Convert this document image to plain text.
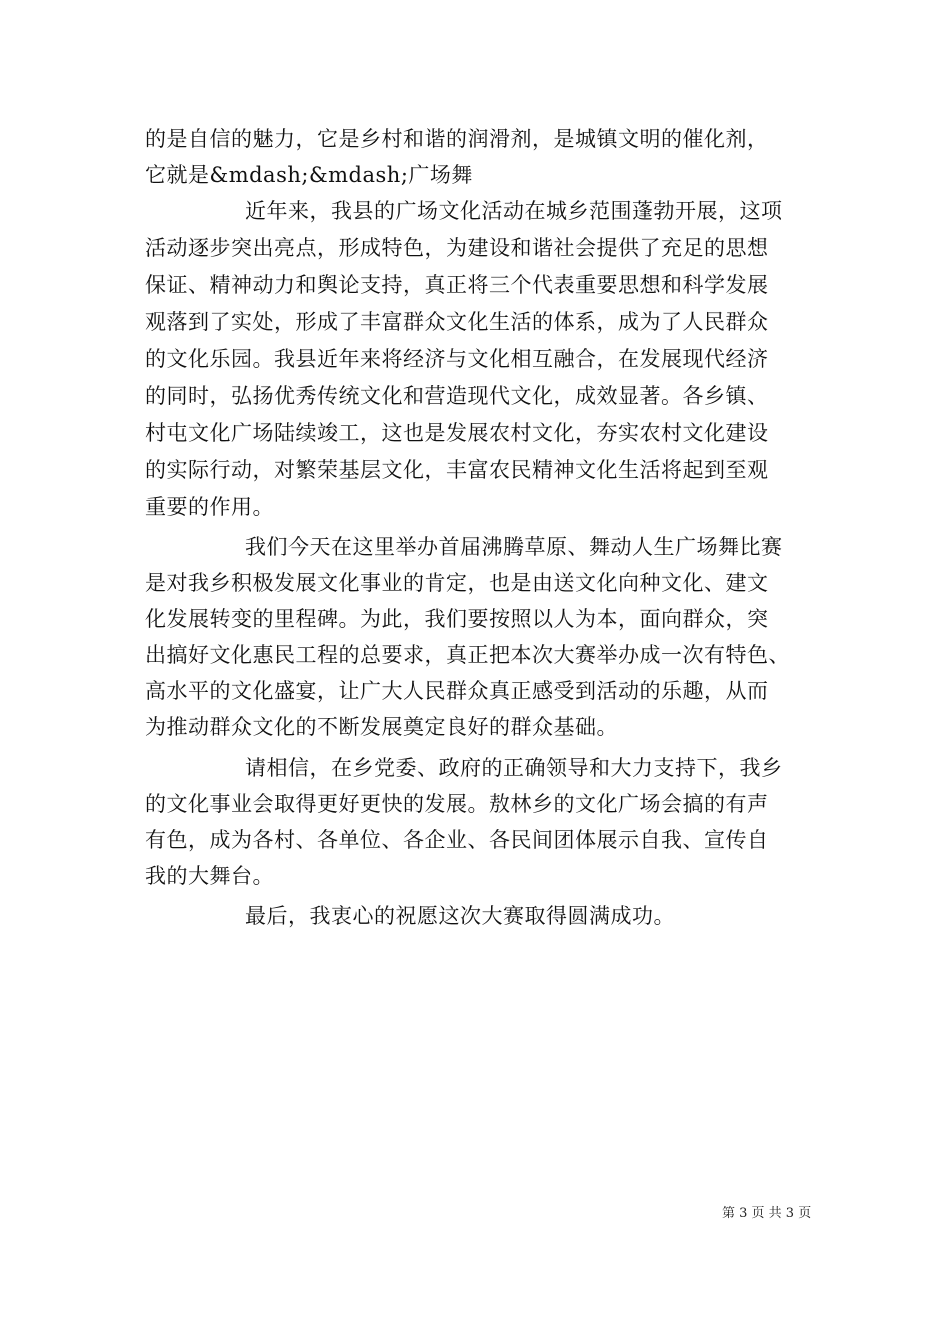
的是自信的魅力，它是乡村和谐的润滑剂，是城镇文明的催化剂，
它就是&mdash;&mdash;广场舞
近年来，我县的广场文化活动在城乡范围蓬勃开展，这项
活动逐步突出亮点，形成特色，为建设和谐社会提供了充足的思想
保证、精神动力和舆论支持，真正将三个代表重要思想和科学发展
观落到了实处，形成了丰富群众文化生活的体系，成为了人民群众
的文化乐园。我县近年来将经济与文化相互融合，在发展现代经济
的同时，弘扬优秀传统文化和营造现代文化，成效显著。各乡镇、
村屯文化广场陆续竣工，这也是发展农村文化，夯实农村文化建设
的实际行动，对繁荣基层文化，丰富农民精神文化生活将起到至观
重要的作用。
我们今天在这里举办首届沸腾草原、舞动人生广场舞比赛
是对我乡积极发展文化事业的肯定，也是由送文化向种文化、建文
化发展转变的里程碑。为此，我们要按照以人为本，面向群众，突
出搞好文化惠民工程的总要求，真正把本次大赛举办成一次有特色、
高水平的文化盛宴，让广大人民群众真正感受到活动的乐趣，从而
为推动群众文化的不断发展奠定良好的群众基础。
请相信，在乡党委、政府的正确领导和大力支持下，我乡
的文化事业会取得更好更快的发展。敖林乡的文化广场会搞的有声
有色，成为各村、各单位、各企业、各民间团体展示自我、宣传自
我的大舞台。
最后，我衷心的祝愿这次大赛取得圆满成功。
第 3 页 共 3 页
